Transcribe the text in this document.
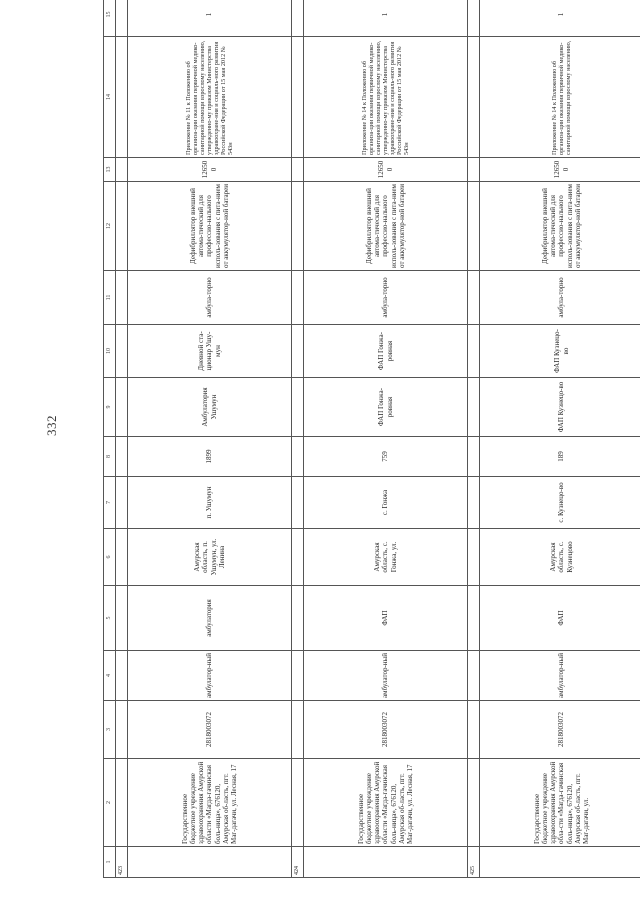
332
1	2	3	4	5	6	7	8	9	10	11	12	13	14	15	
423															
	Государственное бюджетное учреждение здравоохранения Амурской области «Магда-гачинская боль-ница», 676120, Амурская об-ласть, пгт. Маг-дагачи, ул. Лесная, 17	2818003072	амбулатор-ный	амбулатория	Амурская область, п. Ушумун, ул. Ленина	п. Ушумун	1899	Амбулатория Ушумун	Дневной ста-ционар Ушу-мун	амбула-торно	Дефибриллятор внешний автома-тический для профессио-нального исполь-зования с пита-нием от аккумулятор-ной батареи	126500	Приложение № 11 к Положению об организа-ции оказания первичной медико-санитарной помощи взрослому населению, утвержденно-му приказом Министерства здравоохране-ния и социаль-ного развития Российской Федерации от 15 мая 2012 № 543н	1	
424															
	Государственное бюджетное учреждение здравоохранения Амурской области «Магда-гачинская боль-ница», 676120, Амурская об-ласть, пгт. Маг-дагачи, ул. Лесная, 17	2818003072	амбулатор-ный	ФАП	Амурская область, с. Гонжа, ул.	с. Гонжа	759	ФАП Гонжа-ровная	ФАП Гонжа-ровная	амбула-торно	Дефибриллятор внешний автома-тический для профессио-нального исполь-зования с пита-нием от аккумулятор-ной батареи	126500	Приложение № 14 к Положению об организа-ции оказания первичной медико-санитарной помощи взрослому населению, утвержденно-му приказом Министерства здравоохране-ния и социаль-ного развития Российской Федерации от 15 мая 2012 № 543н	1	
425															
	Государственное бюджетное учреждение здравоохранения Амурской обла-сти «Магда-гачинская боль-ница», 676120, Амурская об-ласть, пгт. Маг-дагачи, ул.	2818003072	амбулатор-ный	ФАП	Амурская область, с. Кузнецово	с. Кузнецо-во	189	ФАП Кузнецо-во	ФАП Кузнецо-во	амбула-торно	Дефибриллятор внешний автома-тический для профессио-нального исполь-зования с пита-нием от аккумулятор-ной батареи	126500	Приложение № 14 к Положению об организа-ции оказания первичной медико-санитарной помощи взрослому населению,	1	
